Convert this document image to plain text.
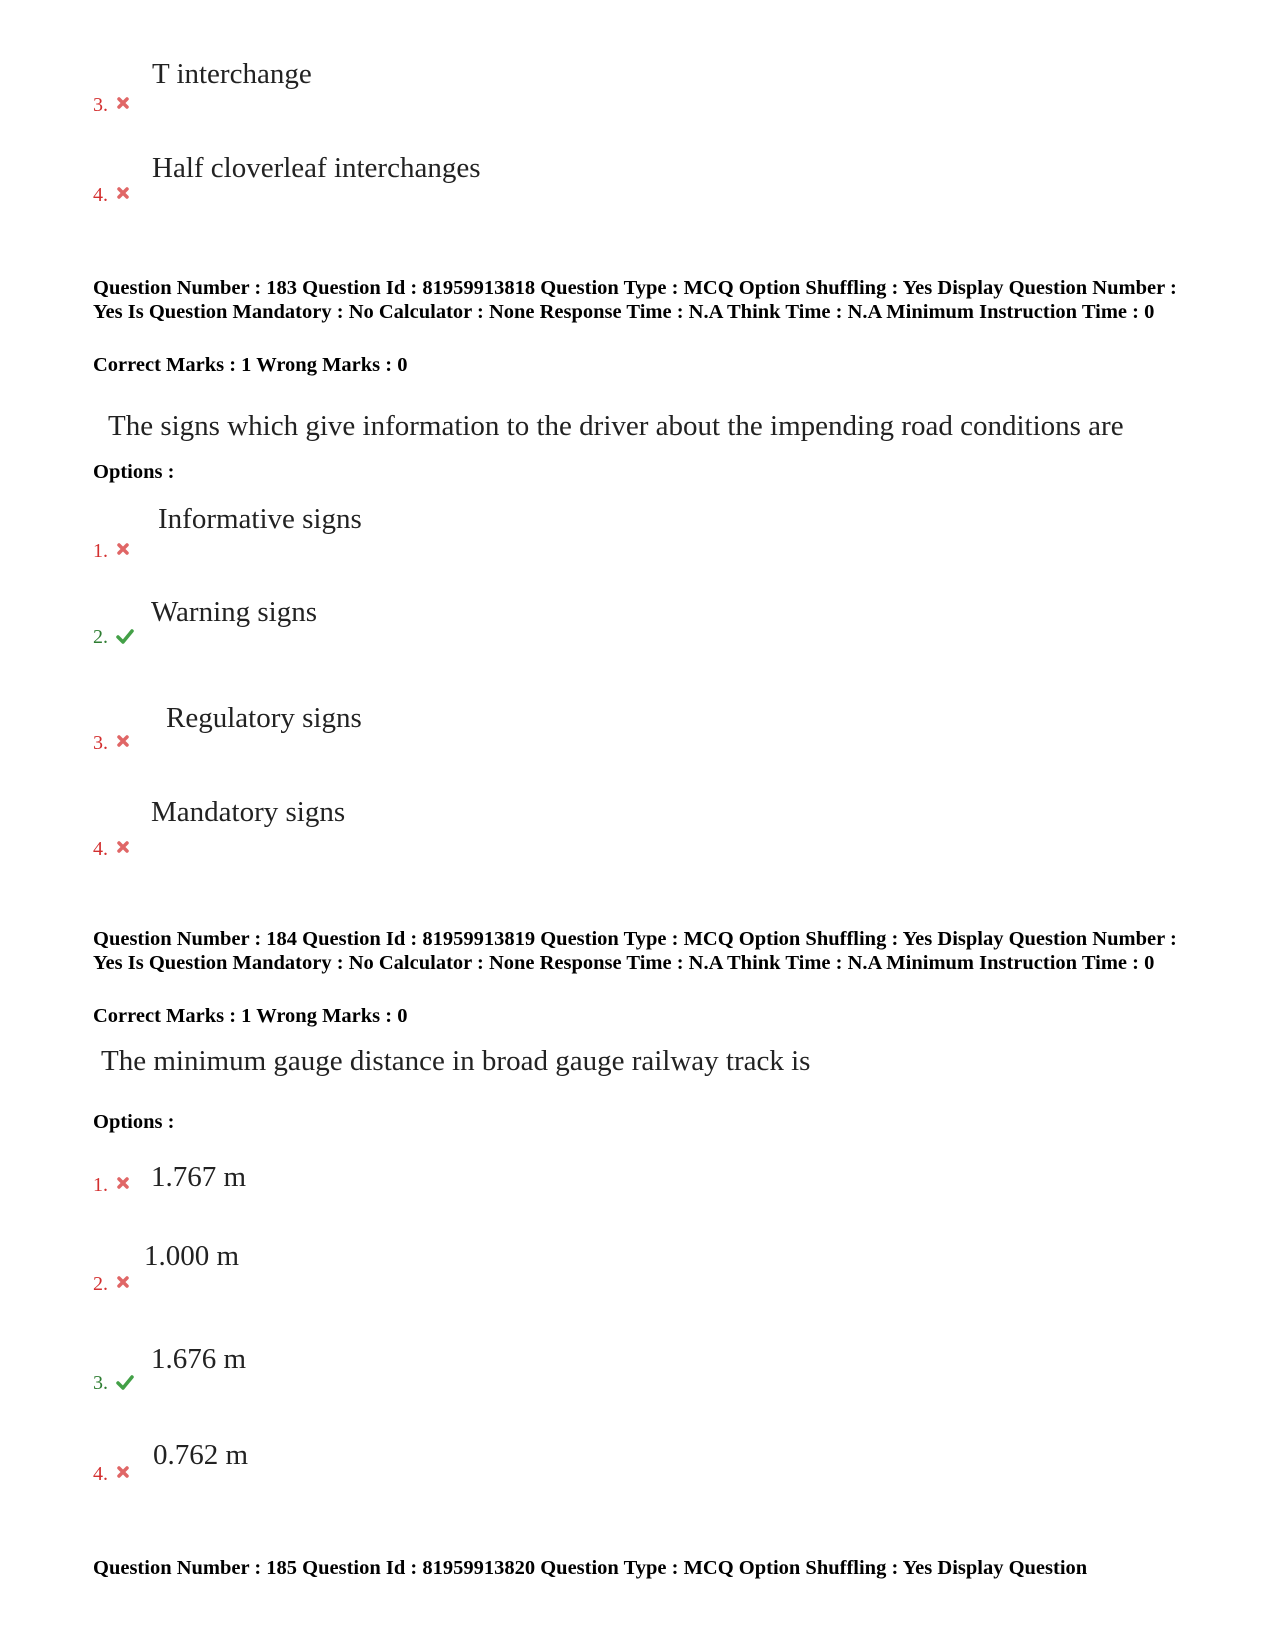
T interchange
3.
Half cloverleaf interchanges
4.
Question Number : 183 Question Id : 81959913818 Question Type : MCQ Option Shuffling : Yes Display Question Number : Yes Is Question Mandatory : No Calculator : None Response Time : N.A Think Time : N.A Minimum Instruction Time : 0
Correct Marks : 1 Wrong Marks : 0
The signs which give information to the driver about the impending road conditions are
Options :
Informative signs
1.
Warning signs
2.
Regulatory signs
3.
Mandatory signs
4.
Question Number : 184 Question Id : 81959913819 Question Type : MCQ Option Shuffling : Yes Display Question Number : Yes Is Question Mandatory : No Calculator : None Response Time : N.A Think Time : N.A Minimum Instruction Time : 0
Correct Marks : 1 Wrong Marks : 0
The minimum gauge distance in broad gauge railway track is
Options :
1.767 m
1.
1.000 m
2.
1.676 m
3.
0.762 m
4.
Question Number : 185 Question Id : 81959913820 Question Type : MCQ Option Shuffling : Yes Display Question
